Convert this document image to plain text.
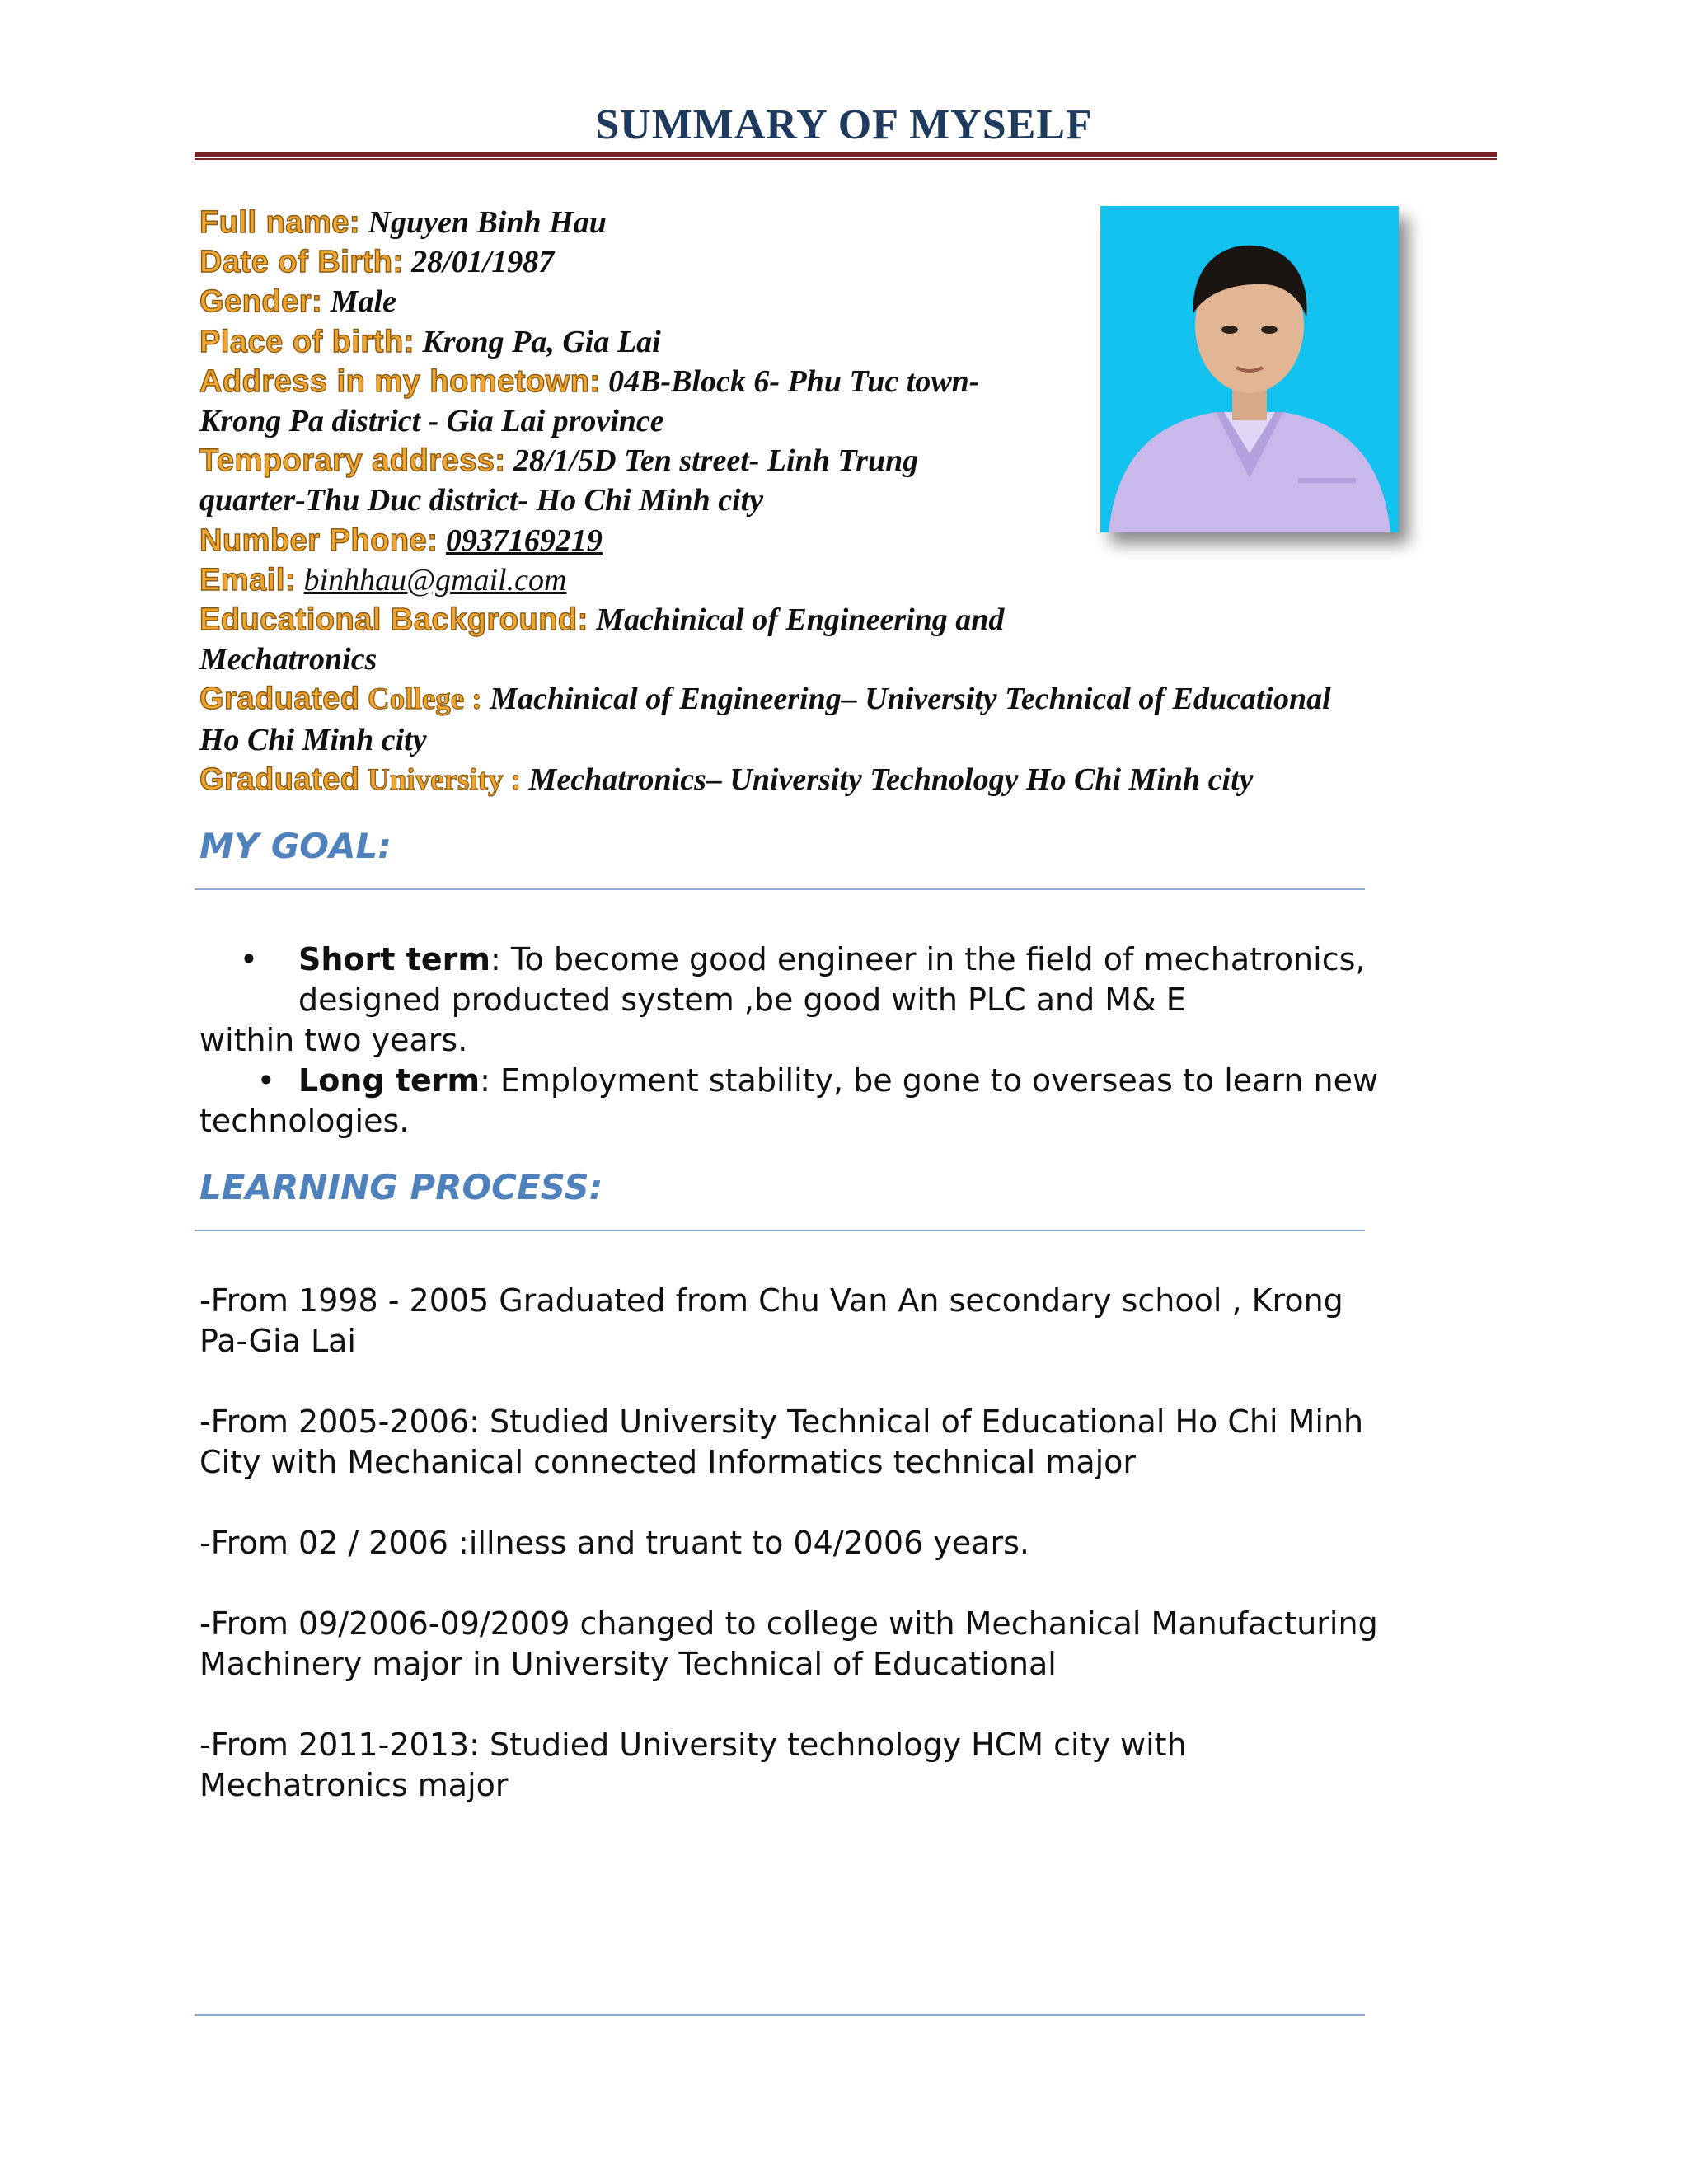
SUMMARY OF MYSELF
Full name: Nguyen Binh Hau
Date of Birth: 28/01/1987
Gender: Male
Place of birth: Krong Pa, Gia Lai
Address in my hometown: 04B-Block 6- Phu Tuc town-
Krong Pa district - Gia Lai province
Temporary address: 28/1/5D Ten street- Linh Trung
quarter-Thu Duc district- Ho Chi Minh city
Number Phone: 0937169219
Email: binhhau@gmail.com
Educational Background: Machinical of Engineering and
Mechatronics
Graduated College : Machinical of Engineering– University Technical of Educational
Ho Chi Minh city
Graduated University : Mechatronics– University Technology Ho Chi Minh city
MY GOAL:
• Short term: To become good engineer in the field of mechatronics,
designed producted system ,be good with PLC and M& E
within two years.
• Long term: Employment stability, be gone to overseas to learn new
technologies.
LEARNING PROCESS:
-From 1998 - 2005 Graduated from Chu Van An secondary school , Krong
Pa-Gia Lai
-From 2005-2006: Studied University Technical of Educational Ho Chi Minh
City with Mechanical connected Informatics technical major
-From 02 / 2006 :illness and truant to 04/2006 years.
-From 09/2006-09/2009 changed to college with Mechanical Manufacturing
Machinery major in University Technical of Educational
-From 2011-2013: Studied University technology HCM city with
Mechatronics major
